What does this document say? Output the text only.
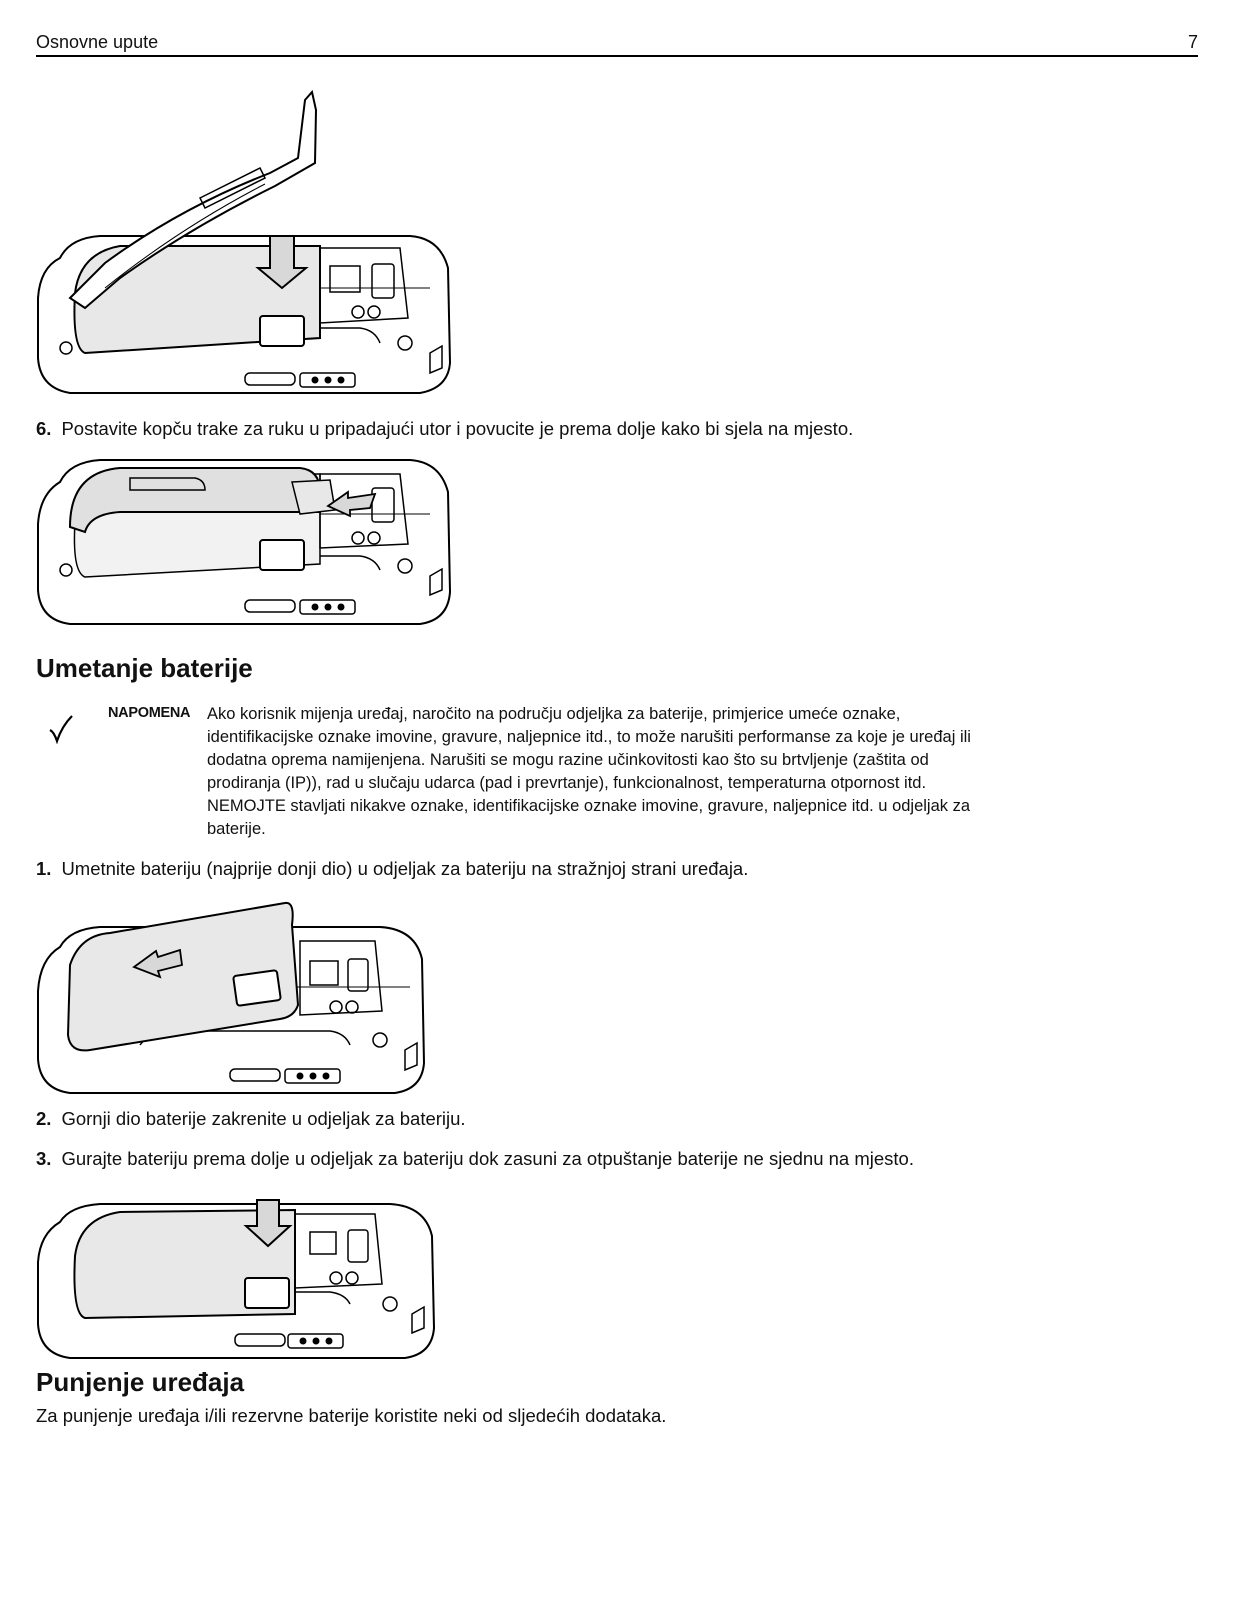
Osnovne upute	7
6. Postavite kopču trake za ruku u pripadajući utor i povucite je prema dolje kako bi sjela na mjesto.
Umetanje baterije
NAPOMENA Ako korisnik mijenja uređaj, naročito na području odjeljka za baterije, primjerice umeće oznake, identifikacijske oznake imovine, gravure, naljepnice itd., to može narušiti performanse za koje je uređaj ili dodatna oprema namijenjena. Narušiti se mogu razine učinkovitosti kao što su brtvljenje (zaštita od prodiranja (IP)), rad u slučaju udarca (pad i prevrtanje), funkcionalnost, temperaturna otpornost itd. NEMOJTE stavljati nikakve oznake, identifikacijske oznake imovine, gravure, naljepnice itd. u odjeljak za baterije.
1. Umetnite bateriju (najprije donji dio) u odjeljak za bateriju na stražnjoj strani uređaja.
2. Gornji dio baterije zakrenite u odjeljak za bateriju.
3. Gurajte bateriju prema dolje u odjeljak za bateriju dok zasuni za otpuštanje baterije ne sjednu na mjesto.
Punjenje uređaja
Za punjenje uređaja i/ili rezervne baterije koristite neki od sljedećih dodataka.
